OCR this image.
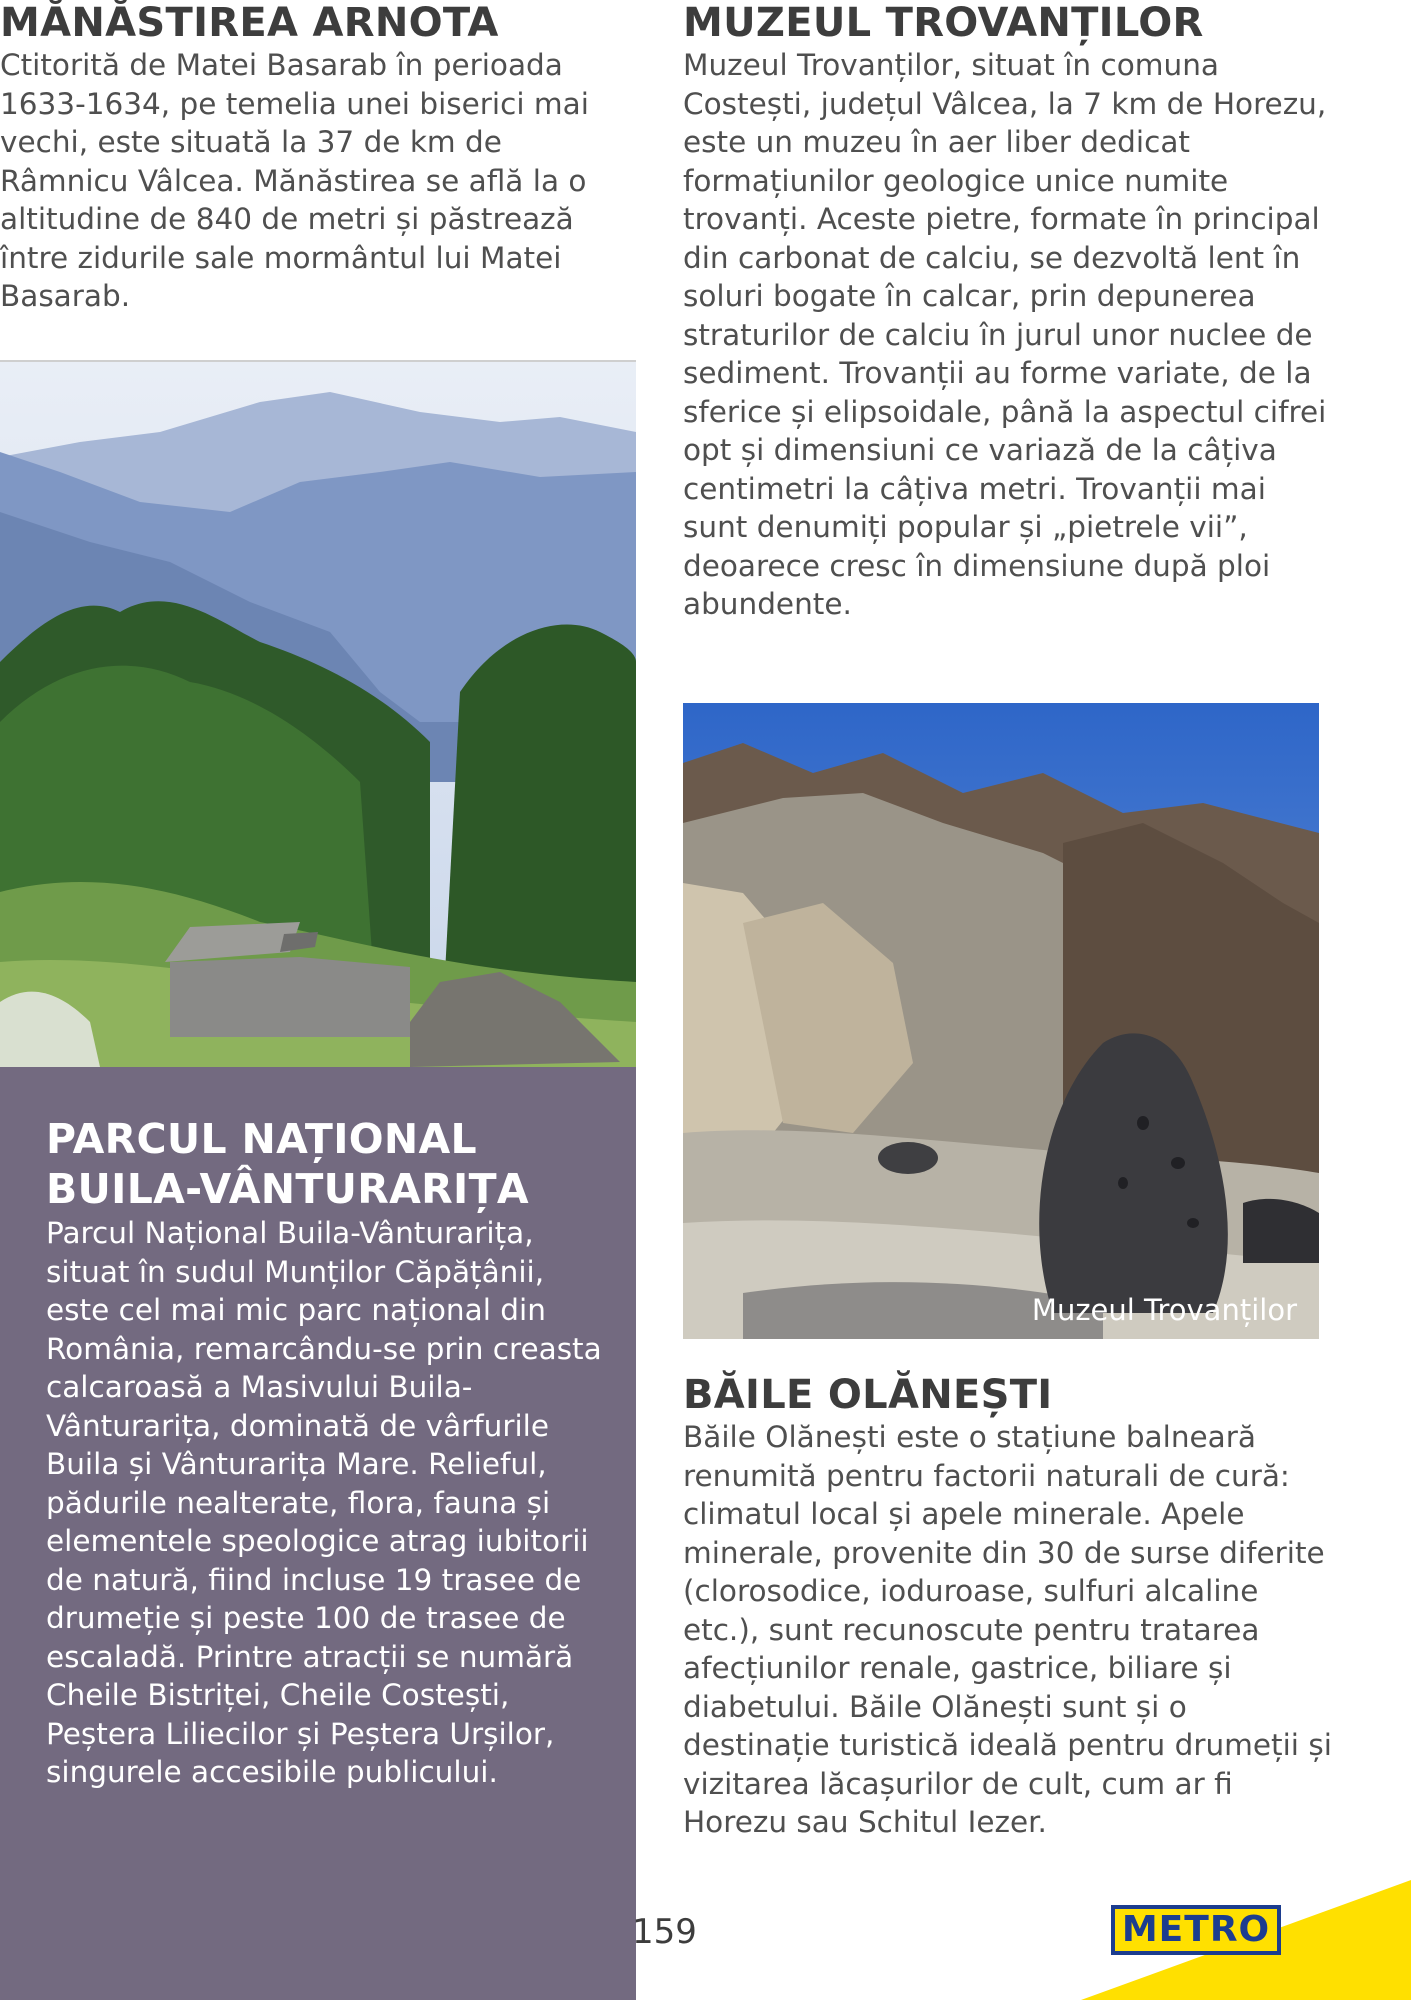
MĂNĂSTIREA ARNOTA

Ctitorită de Matei Basarab în perioada 1633-1634, pe temelia unei biserici mai vechi, este situată la 37 de km de Râmnicu Vâlcea. Mănăstirea se află la o altitudine de 840 de metri și păstrează între zidurile sale mormântul lui Matei Basarab.

PARCUL NAȚIONAL
BUILA-VÂNTURARIȚA

Parcul Național Buila-Vânturarița, situat în sudul Munților Căpățânii, este cel mai mic parc național din România, remarcându-se prin creasta calcaroasă a Masivului Buila-Vânturarița, dominată de vârfurile Buila și Vânturarița Mare. Relieful, pădurile nealterate, flora, fauna și elementele speologice atrag iubitorii de natură, fiind incluse 19 trasee de drumeție și peste 100 de trasee de escaladă. Printre atracții se numără Cheile Bistriței, Cheile Costești, Peștera Liliecilor și Peștera Urșilor, singurele accesibile publicului.

MUZEUL TROVANȚILOR

Muzeul Trovanților, situat în comuna Costești, județul Vâlcea, la 7 km de Horezu, este un muzeu în aer liber dedicat formațiunilor geologice unice numite trovanți. Aceste pietre, formate în principal din carbonat de calciu, se dezvoltă lent în soluri bogate în calcar, prin depunerea straturilor de calciu în jurul unor nuclee de sediment. Trovanții au forme variate, de la sferice și elipsoidale, până la aspectul cifrei opt și dimensiuni ce variază de la câțiva centimetri la câțiva metri. Trovanții mai sunt denumiți popular și „pietrele vii”, deoarece cresc în dimensiune după ploi abundente.

Muzeul Trovanților
BĂILE OLĂNEȘTI

Băile Olănești este o stațiune balneară renumită pentru factorii naturali de cură: climatul local și apele minerale. Apele minerale, provenite din 30 de surse diferite (clorosodice, ioduroase, sulfuri alcaline etc.), sunt recunoscute pentru tratarea afecțiunilor renale, gastrice, biliare și diabetului. Băile Olănești sunt și o destinație turistică ideală pentru drumeții și vizitarea lăcașurilor de cult, cum ar fi Horezu sau Schitul Iezer.

159	METRO
